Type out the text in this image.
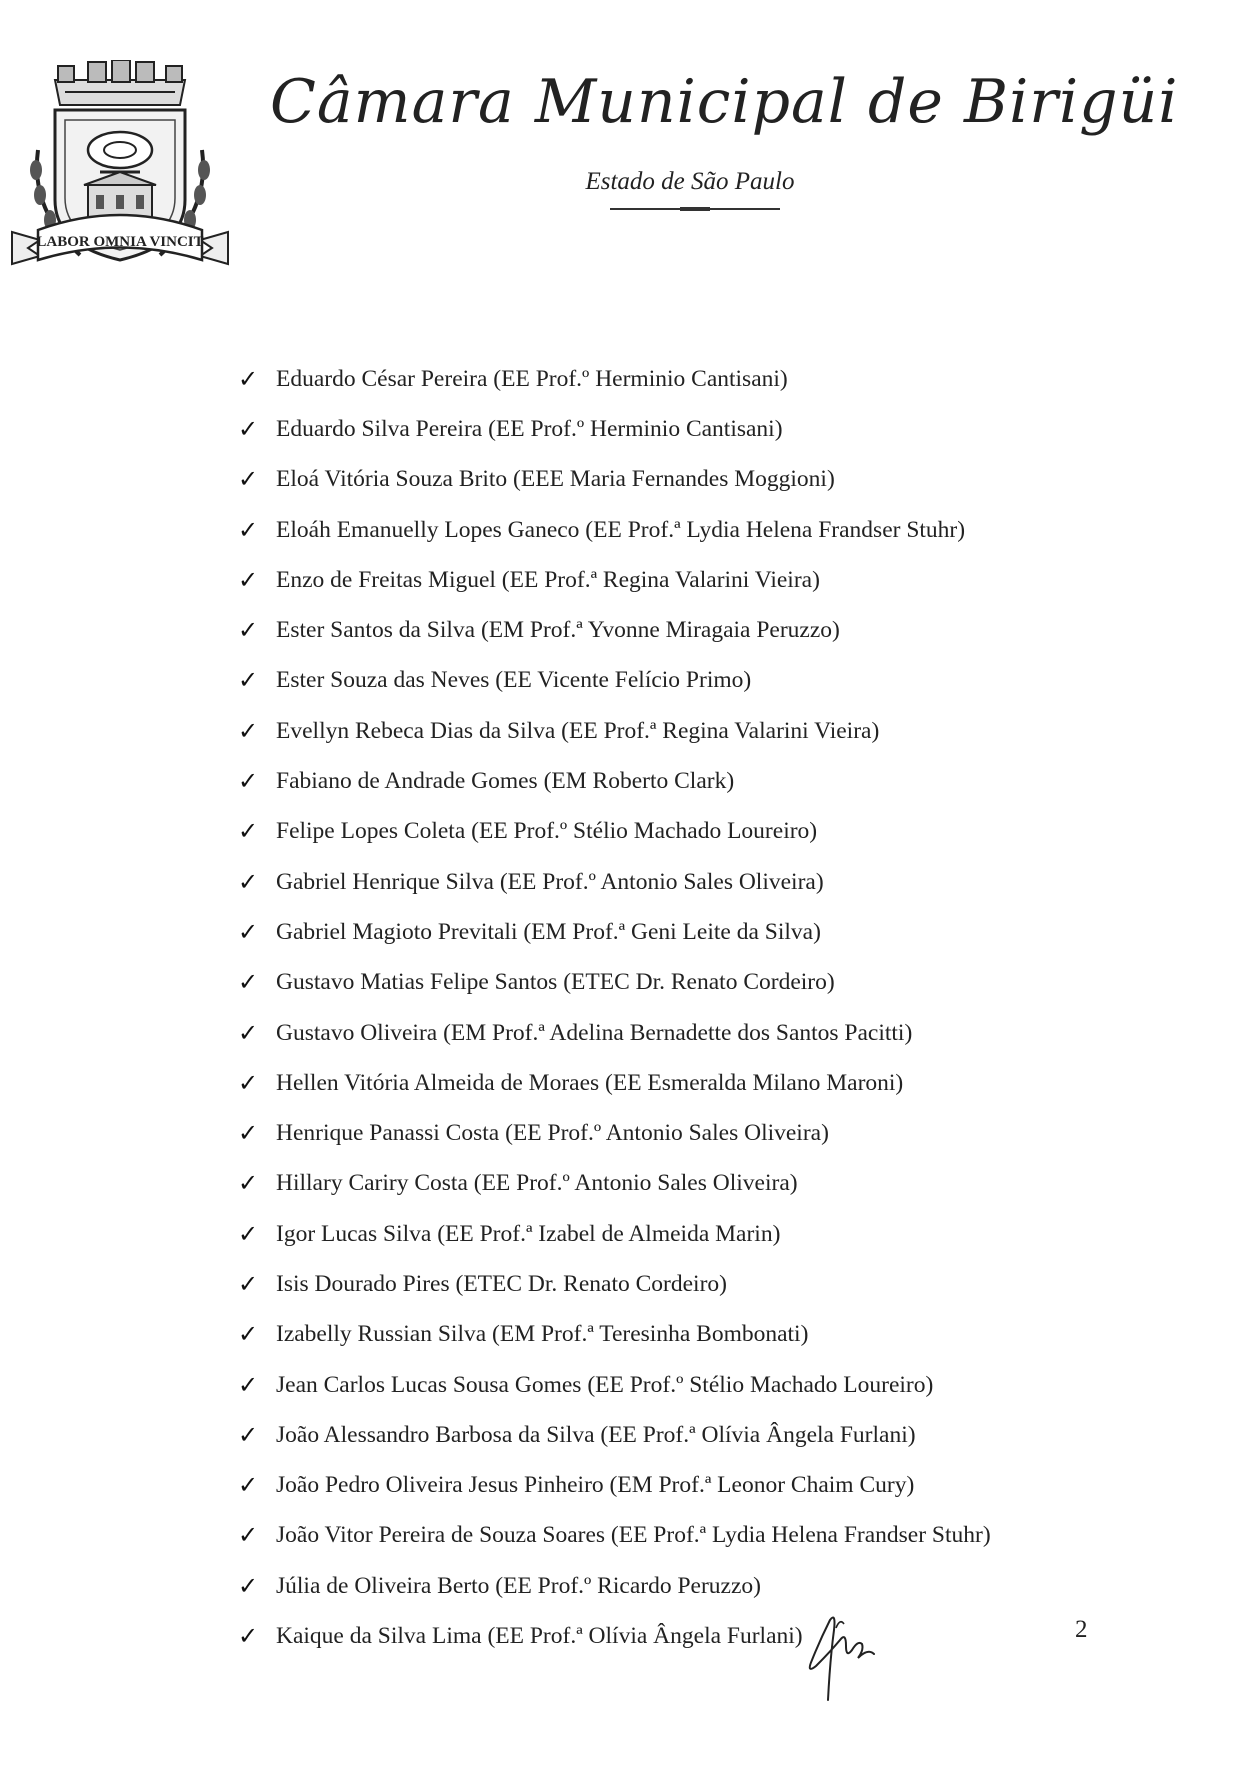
LABOR OMNIA VINCIT
Câmara Municipal de Birigüi
Estado de São Paulo
✓ Eduardo César Pereira (EE Prof.º Herminio Cantisani)
✓ Eduardo Silva Pereira (EE Prof.º Herminio Cantisani)
✓ Eloá Vitória Souza Brito (EEE Maria Fernandes Moggioni)
✓ Eloáh Emanuelly Lopes Ganeco (EE Prof.ª Lydia Helena Frandser Stuhr)
✓ Enzo de Freitas Miguel (EE Prof.ª Regina Valarini Vieira)
✓ Ester Santos da Silva (EM Prof.ª Yvonne Miragaia Peruzzo)
✓ Ester Souza das Neves (EE Vicente Felício Primo)
✓ Evellyn Rebeca Dias da Silva (EE Prof.ª Regina Valarini Vieira)
✓ Fabiano de Andrade Gomes (EM Roberto Clark)
✓ Felipe Lopes Coleta (EE Prof.º Stélio Machado Loureiro)
✓ Gabriel Henrique Silva (EE Prof.º Antonio Sales Oliveira)
✓ Gabriel Magioto Previtali (EM Prof.ª Geni Leite da Silva)
✓ Gustavo Matias Felipe Santos (ETEC Dr. Renato Cordeiro)
✓ Gustavo Oliveira (EM Prof.ª Adelina Bernadette dos Santos Pacitti)
✓ Hellen Vitória Almeida de Moraes (EE Esmeralda Milano Maroni)
✓ Henrique Panassi Costa (EE Prof.º Antonio Sales Oliveira)
✓ Hillary Cariry Costa (EE Prof.º Antonio Sales Oliveira)
✓ Igor Lucas Silva (EE Prof.ª Izabel de Almeida Marin)
✓ Isis Dourado Pires (ETEC Dr. Renato Cordeiro)
✓ Izabelly Russian Silva (EM Prof.ª Teresinha Bombonati)
✓ Jean Carlos Lucas Sousa Gomes (EE Prof.º Stélio Machado Loureiro)
✓ João Alessandro Barbosa da Silva (EE Prof.ª Olívia Ângela Furlani)
✓ João Pedro Oliveira Jesus Pinheiro (EM Prof.ª Leonor Chaim Cury)
✓ João Vitor Pereira de Souza Soares (EE Prof.ª Lydia Helena Frandser Stuhr)
✓ Júlia de Oliveira Berto (EE Prof.º Ricardo Peruzzo)
✓ Kaique da Silva Lima (EE Prof.ª Olívia Ângela Furlani)	2
